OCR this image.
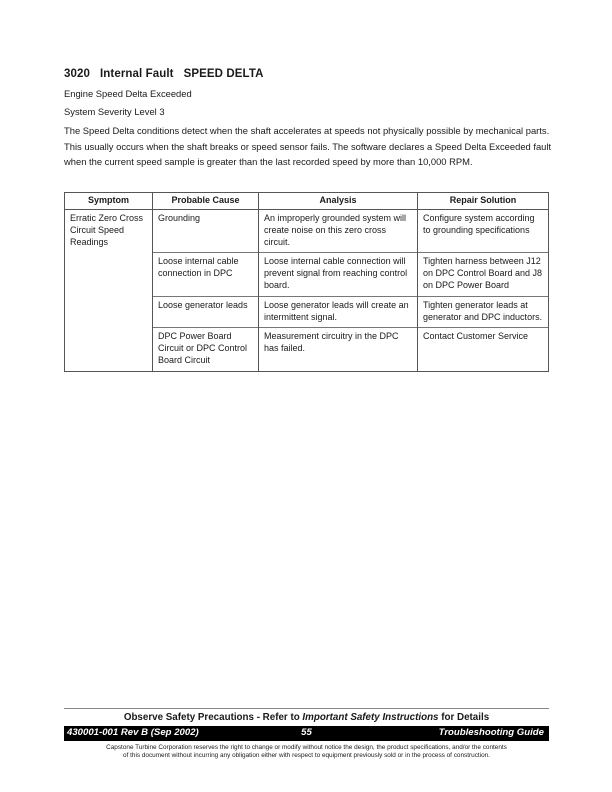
3020 Internal Fault SPEED DELTA
Engine Speed Delta Exceeded
System Severity Level 3
The Speed Delta conditions detect when the shaft accelerates at speeds not physically possible by mechanical parts. This usually occurs when the shaft breaks or speed sensor fails. The software declares a Speed Delta Exceeded fault when the current speed sample is greater than the last recorded speed by more than 10,000 RPM.
Symptom	Probable Cause	Analysis	Repair Solution
Erratic Zero Cross Circuit Speed Readings	Grounding	An improperly grounded system will create noise on this zero cross circuit.	Configure system according to grounding specifications
	Loose internal cable connection in DPC	Loose internal cable connection will prevent signal from reaching control board.	Tighten harness between J12 on DPC Control Board and J8 on DPC Power Board
	Loose generator leads	Loose generator leads will create an intermittent signal.	Tighten generator leads at generator and DPC inductors.
	DPC Power Board Circuit or DPC Control Board Circuit	Measurement circuitry in the DPC has failed.	Contact Customer Service
Observe Safety Precautions - Refer to Important Safety Instructions for Details
430001-001 Rev B (Sep 2002)	55	Troubleshooting Guide
Capstone Turbine Corporation reserves the right to change or modify without notice the design, the product specifications, and/or the contents
of this document without incurring any obligation either with respect to equipment previously sold or in the process of construction.
